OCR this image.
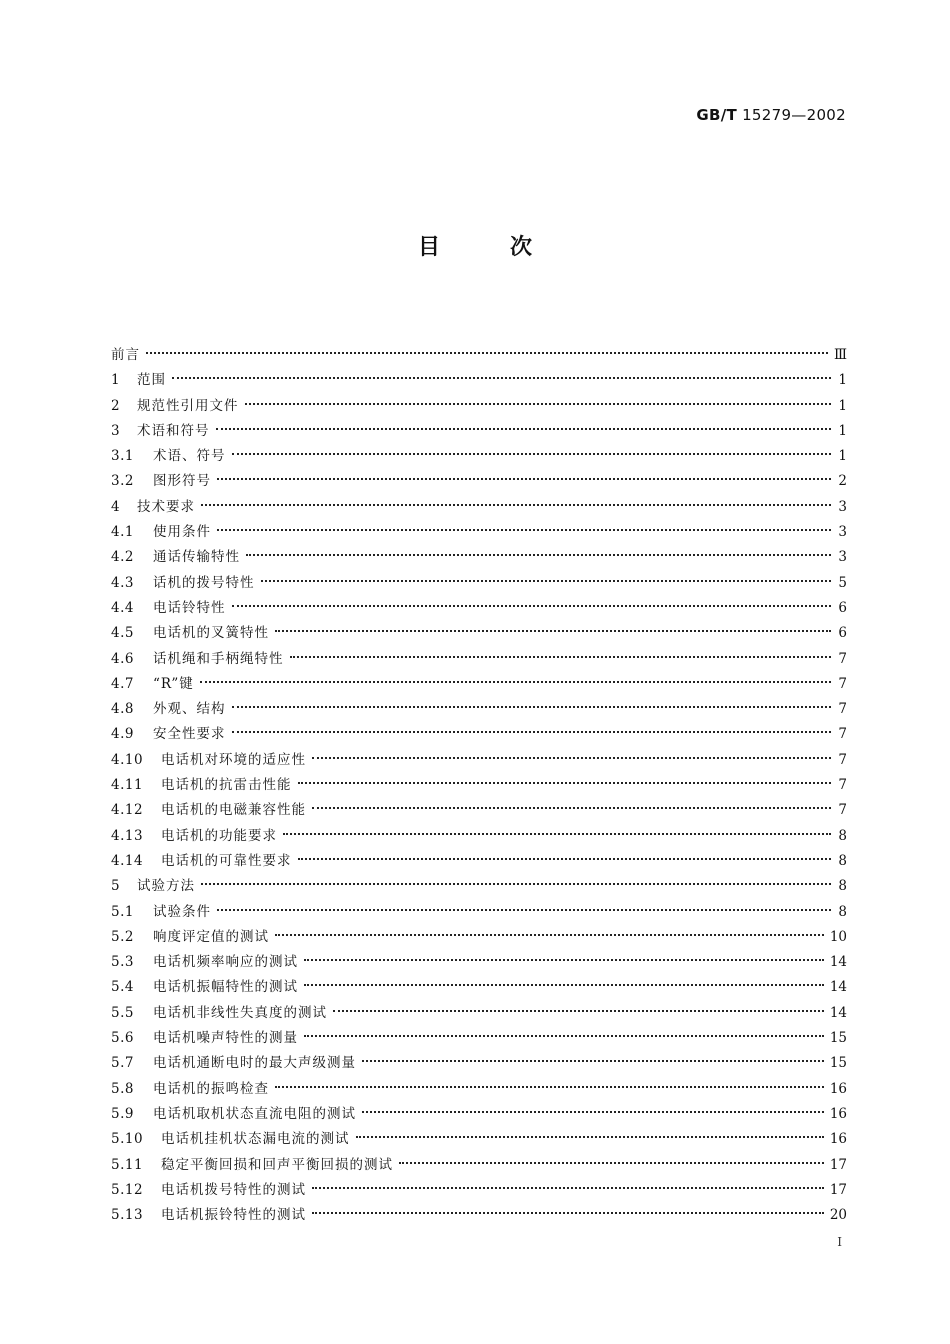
GB/T 15279—2002
目次
前言	Ⅲ
1	范围	1
2	规范性引用文件	1
3	术语和符号	1
3.1	术语、符号	1
3.2	图形符号	2
4	技术要求	3
4.1	使用条件	3
4.2	通话传输特性	3
4.3	话机的拨号特性	5
4.4	电话铃特性	6
4.5	电话机的叉簧特性	6
4.6	话机绳和手柄绳特性	7
4.7	“R”键	7
4.8	外观、结构	7
4.9	安全性要求	7
4.10	电话机对环境的适应性	7
4.11	电话机的抗雷击性能	7
4.12	电话机的电磁兼容性能	7
4.13	电话机的功能要求	8
4.14	电话机的可靠性要求	8
5	试验方法	8
5.1	试验条件	8
5.2	响度评定值的测试	10
5.3	电话机频率响应的测试	14
5.4	电话机振幅特性的测试	14
5.5	电话机非线性失真度的测试	14
5.6	电话机噪声特性的测量	15
5.7	电话机通断电时的最大声级测量	15
5.8	电话机的振鸣检查	16
5.9	电话机取机状态直流电阻的测试	16
5.10	电话机挂机状态漏电流的测试	16
5.11	稳定平衡回损和回声平衡回损的测试	17
5.12	电话机拨号特性的测试	17
5.13	电话机振铃特性的测试	20
I
